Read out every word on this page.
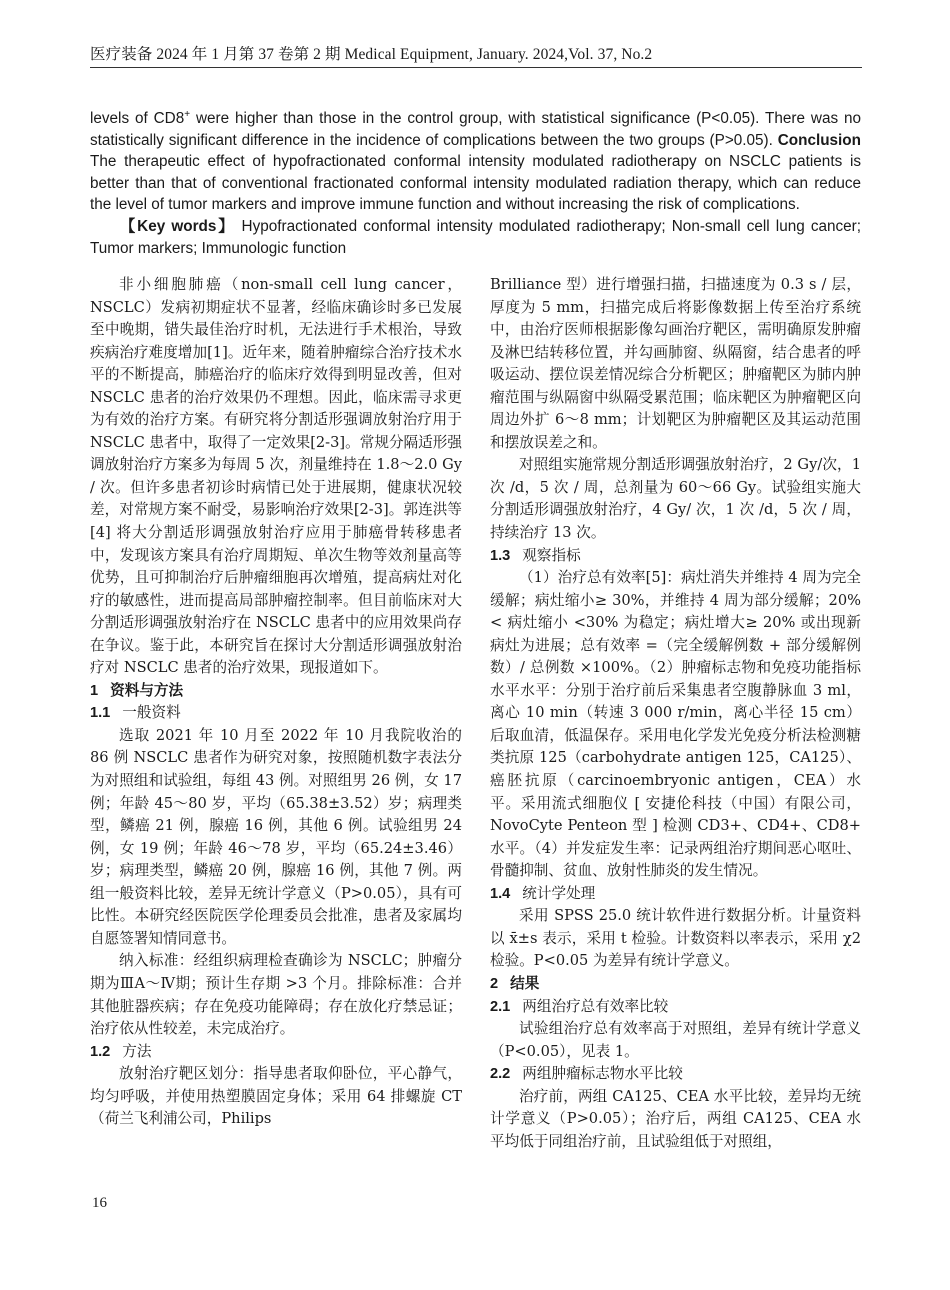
医疗装备 2024 年 1 月第 37 卷第 2 期 Medical Equipment, January. 2024,Vol. 37, No.2

levels of CD8+ were higher than those in the control group, with statistical significance (P<0.05). There was no statistically significant difference in the incidence of complications between the two groups (P>0.05). Conclusion The therapeutic effect of hypofractionated conformal intensity modulated radiotherapy on NSCLC patients is better than that of conventional fractionated conformal intensity modulated radiation therapy, which can reduce the level of tumor markers and improve immune function and without increasing the risk of complications.

【Key words】 Hypofractionated conformal intensity modulated radiotherapy; Non-small cell lung cancer; Tumor markers; Immunologic function

非小细胞肺癌（non-small cell lung cancer，NSCLC）发病初期症状不显著，经临床确诊时多已发展至中晚期，错失最佳治疗时机，无法进行手术根治，导致疾病治疗难度增加[1]。近年来，随着肿瘤综合治疗技术水平的不断提高，肺癌治疗的临床疗效得到明显改善，但对 NSCLC 患者的治疗效果仍不理想。因此，临床需寻求更为有效的治疗方案。有研究将分割适形强调放射治疗用于 NSCLC 患者中，取得了一定效果[2-3]。常规分隔适形强调放射治疗方案多为每周 5 次，剂量维持在 1.8～2.0 Gy / 次。但许多患者初诊时病情已处于进展期，健康状况较差，对常规方案不耐受，易影响治疗效果[2-3]。郭连洪等[4] 将大分割适形调强放射治疗应用于肺癌骨转移患者中，发现该方案具有治疗周期短、单次生物等效剂量高等优势，且可抑制治疗后肿瘤细胞再次增殖，提高病灶对化疗的敏感性，进而提高局部肿瘤控制率。但目前临床对大分割适形调强放射治疗在 NSCLC 患者中的应用效果尚存在争议。鉴于此，本研究旨在探讨大分割适形调强放射治疗对 NSCLC 患者的治疗效果，现报道如下。

1 资料与方法
1.1 一般资料

选取 2021 年 10 月至 2022 年 10 月我院收治的 86 例 NSCLC 患者作为研究对象，按照随机数字表法分为对照组和试验组，每组 43 例。对照组男 26 例，女 17 例；年龄 45～80 岁，平均（65.38±3.52）岁；病理类型，鳞癌 21 例，腺癌 16 例，其他 6 例。试验组男 24 例，女 19 例；年龄 46～78 岁，平均（65.24±3.46）岁；病理类型，鳞癌 20 例，腺癌 16 例，其他 7 例。两组一般资料比较，差异无统计学意义（P>0.05），具有可比性。本研究经医院医学伦理委员会批准，患者及家属均自愿签署知情同意书。

纳入标准：经组织病理检查确诊为 NSCLC；肿瘤分期为ⅢA～Ⅳ期；预计生存期 >3 个月。排除标准：合并其他脏器疾病；存在免疫功能障碍；存在放化疗禁忌证；治疗依从性较差，未完成治疗。

1.2 方法

放射治疗靶区划分：指导患者取仰卧位，平心静气，均匀呼吸，并使用热塑膜固定身体；采用 64 排螺旋 CT（荷兰飞利浦公司，Philips

16

Brilliance 型）进行增强扫描，扫描速度为 0.3 s / 层，厚度为 5 mm，扫描完成后将影像数据上传至治疗系统中，由治疗医师根据影像勾画治疗靶区，需明确原发肿瘤及淋巴结转移位置，并勾画肺窗、纵隔窗，结合患者的呼吸运动、摆位误差情况综合分析靶区；肿瘤靶区为肺内肿瘤范围与纵隔窗中纵隔受累范围；临床靶区为肿瘤靶区向周边外扩 6～8 mm；计划靶区为肿瘤靶区及其运动范围和摆放误差之和。

对照组实施常规分割适形调强放射治疗，2 Gy/次，1 次 /d，5 次 / 周，总剂量为 60～66 Gy。试验组实施大分割适形调强放射治疗，4 Gy/ 次，1 次 /d，5 次 / 周，持续治疗 13 次。

1.3 观察指标

（1）治疗总有效率[5]：病灶消失并维持 4 周为完全缓解；病灶缩小≥ 30%，并维持 4 周为部分缓解；20%< 病灶缩小 <30% 为稳定；病灶增大≥ 20% 或出现新病灶为进展；总有效率 =（完全缓解例数 + 部分缓解例数）/ 总例数 ×100%。（2）肿瘤标志物和免疫功能指标水平水平：分别于治疗前后采集患者空腹静脉血 3 ml，离心 10 min（转速 3 000 r/min，离心半径 15 cm）后取血清，低温保存。采用电化学发光免疫分析法检测糖类抗原 125（carbohydrate antigen 125，CA125）、癌胚抗原（carcinoembryonic antigen，CEA）水平。采用流式细胞仪 [ 安捷伦科技（中国）有限公司，NovoCyte Penteon 型 ] 检测 CD3+、CD4+、CD8+ 水平。（4）并发症发生率：记录两组治疗期间恶心呕吐、骨髓抑制、贫血、放射性肺炎的发生情况。

1.4 统计学处理

采用 SPSS 25.0 统计软件进行数据分析。计量资料以 x̄±s 表示，采用 t 检验。计数资料以率表示，采用 χ2 检验。P<0.05 为差异有统计学意义。

2 结果
2.1 两组治疗总有效率比较

试验组治疗总有效率高于对照组，差异有统计学意义（P<0.05），见表 1。

2.2 两组肿瘤标志物水平比较

治疗前，两组 CA125、CEA 水平比较，差异均无统计学意义（P>0.05）；治疗后，两组 CA125、CEA 水平均低于同组治疗前，且试验组低于对照组，
